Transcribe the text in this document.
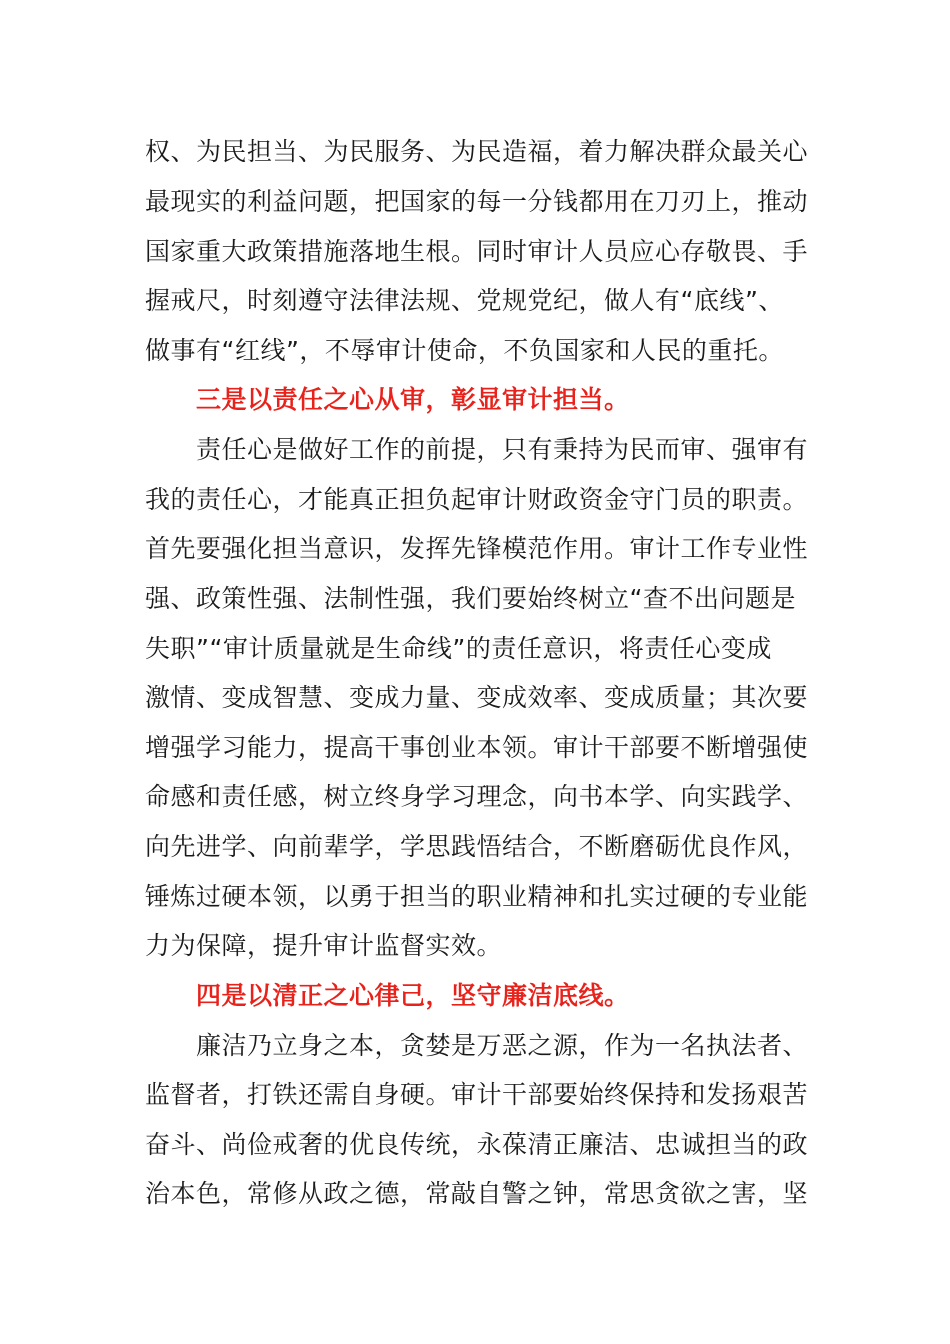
权、为民担当、为民服务、为民造福，着力解决群众最关心
最现实的利益问题，把国家的每一分钱都用在刀刃上，推动
国家重大政策措施落地生根。同时审计人员应心存敬畏、手
握戒尺，时刻遵守法律法规、党规党纪，做人有“底线”、
做事有“红线”，不辱审计使命，不负国家和人民的重托。
三是以责任之心从审，彰显审计担当。
责任心是做好工作的前提，只有秉持为民而审、强审有
我的责任心，才能真正担负起审计财政资金守门员的职责。
首先要强化担当意识，发挥先锋模范作用。审计工作专业性
强、政策性强、法制性强，我们要始终树立“查不出问题是
失职”“审计质量就是生命线”的责任意识，将责任心变成
激情、变成智慧、变成力量、变成效率、变成质量；其次要
增强学习能力，提高干事创业本领。审计干部要不断增强使
命感和责任感，树立终身学习理念，向书本学、向实践学、
向先进学、向前辈学，学思践悟结合，不断磨砺优良作风，
锤炼过硬本领，以勇于担当的职业精神和扎实过硬的专业能
力为保障，提升审计监督实效。
四是以清正之心律己，坚守廉洁底线。
廉洁乃立身之本，贪婪是万恶之源，作为一名执法者、
监督者，打铁还需自身硬。审计干部要始终保持和发扬艰苦
奋斗、尚俭戒奢的优良传统，永葆清正廉洁、忠诚担当的政
治本色，常修从政之德，常敲自警之钟，常思贪欲之害，坚
